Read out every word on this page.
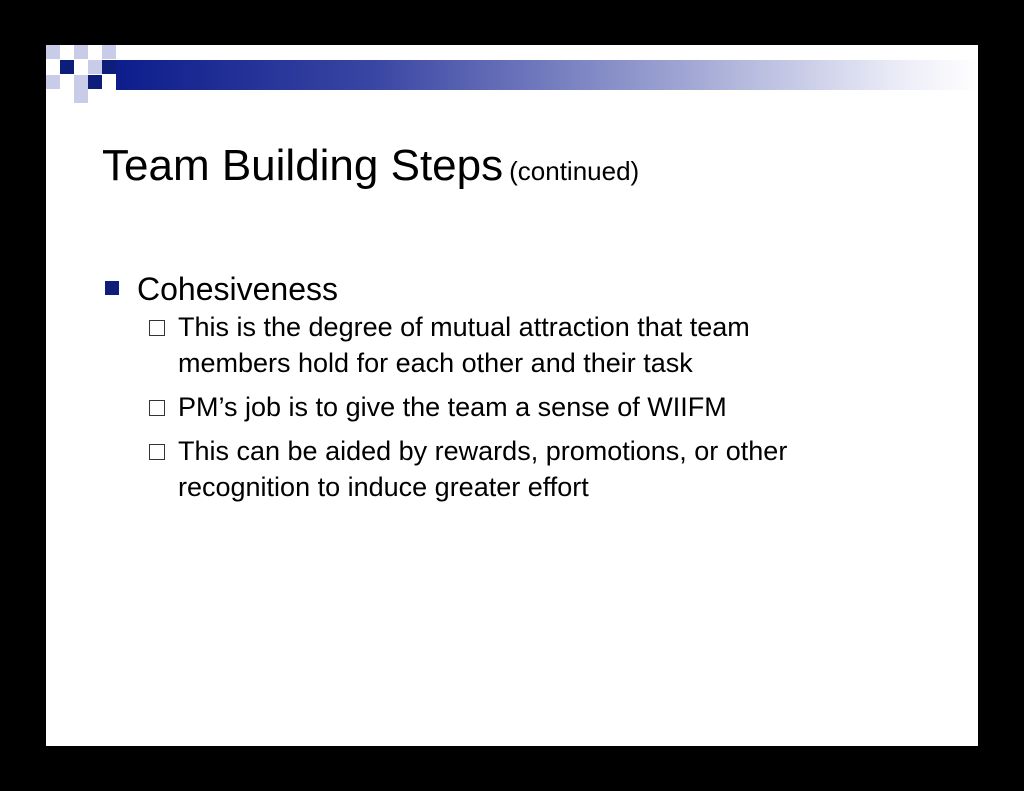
Team Building Steps (continued)
Cohesiveness
This is the degree of mutual attraction that team
members hold for each other and their task
PM’s job is to give the team a sense of WIIFM
This can be aided by rewards, promotions, or other
recognition to induce greater effort
